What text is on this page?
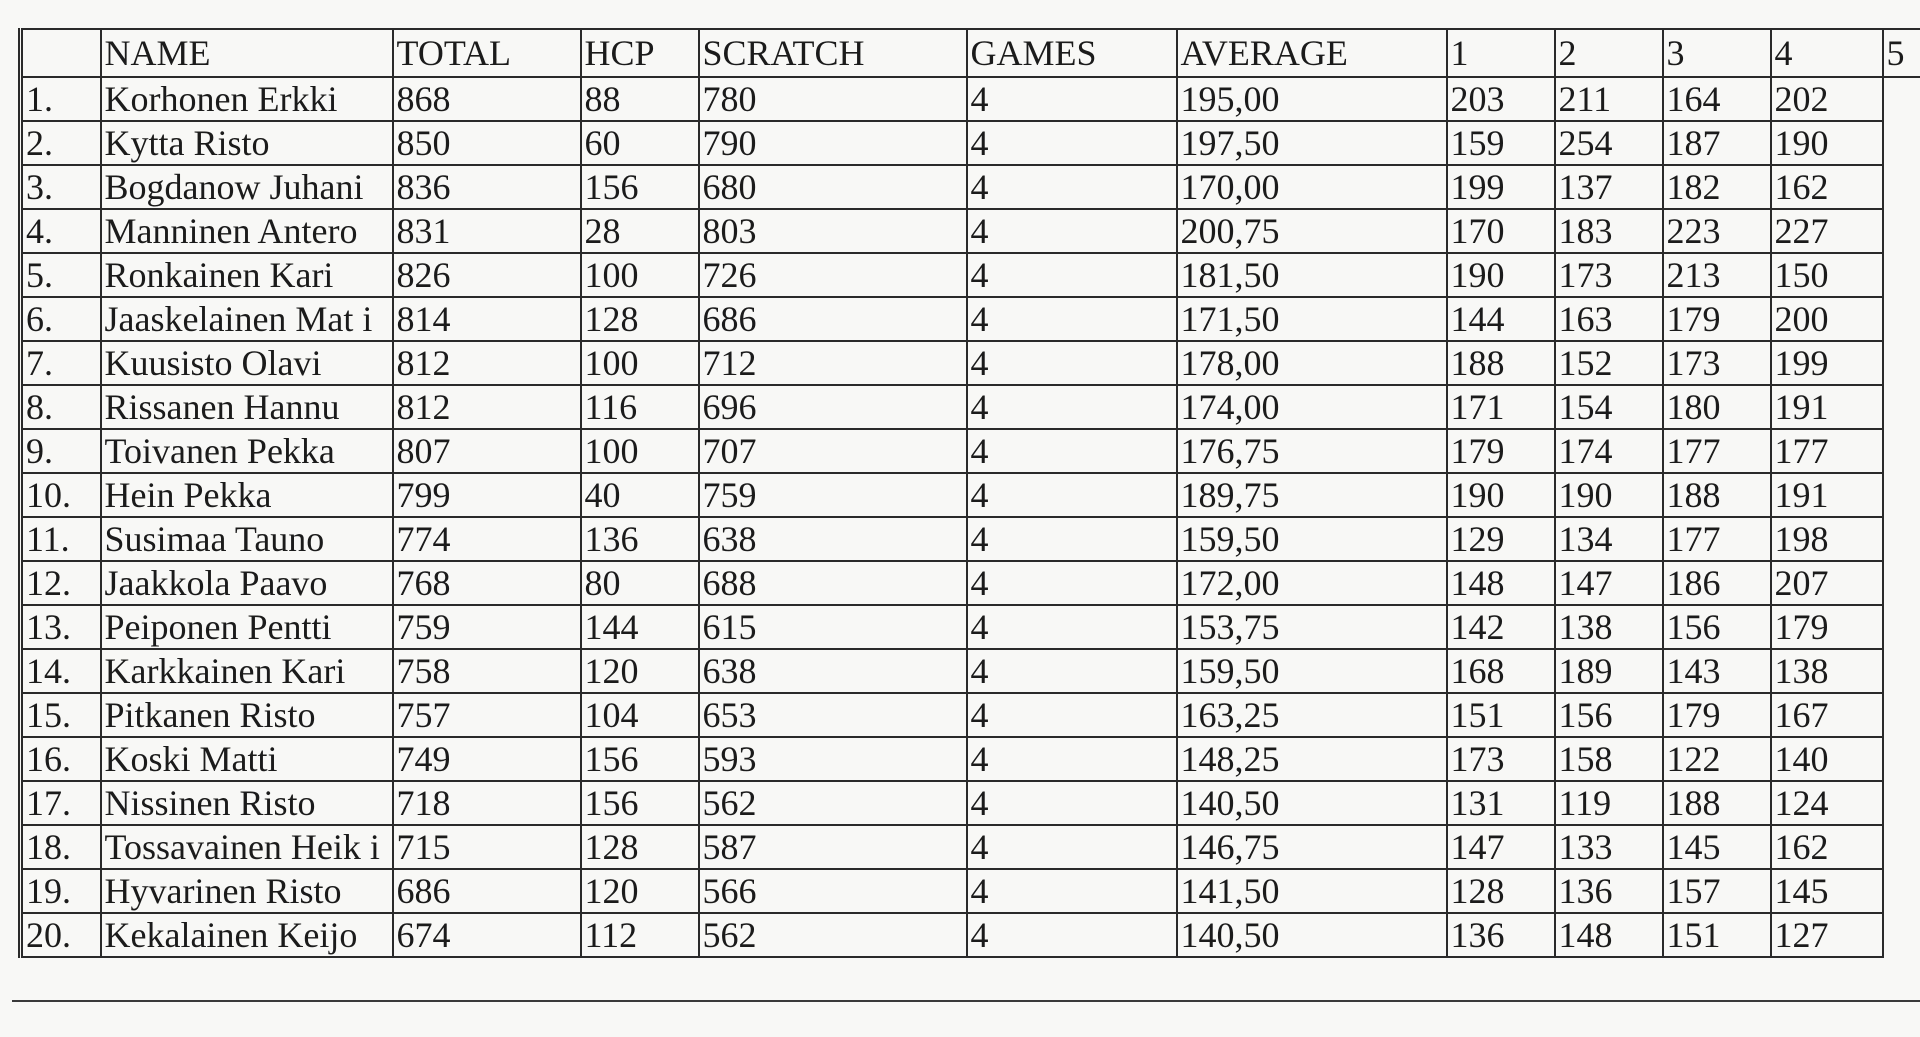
	NAME	TOTAL	HCP	SCRATCH	GAMES	AVERAGE	1	2	3	4	5
1.	Korhonen Erkki	868	88	780	4	195,00	203	211	164	202	
2.	Kytta Risto	850	60	790	4	197,50	159	254	187	190	
3.	Bogdanow Juhani	836	156	680	4	170,00	199	137	182	162	
4.	Manninen Antero	831	28	803	4	200,75	170	183	223	227	
5.	Ronkainen Kari	826	100	726	4	181,50	190	173	213	150	
6.	Jaaskelainen Mat i	814	128	686	4	171,50	144	163	179	200	
7.	Kuusisto Olavi	812	100	712	4	178,00	188	152	173	199	
8.	Rissanen Hannu	812	116	696	4	174,00	171	154	180	191	
9.	Toivanen Pekka	807	100	707	4	176,75	179	174	177	177	
10.	Hein Pekka	799	40	759	4	189,75	190	190	188	191	
11.	Susimaa Tauno	774	136	638	4	159,50	129	134	177	198	
12.	Jaakkola Paavo	768	80	688	4	172,00	148	147	186	207	
13.	Peiponen Pentti	759	144	615	4	153,75	142	138	156	179	
14.	Karkkainen Kari	758	120	638	4	159,50	168	189	143	138	
15.	Pitkanen Risto	757	104	653	4	163,25	151	156	179	167	
16.	Koski Matti	749	156	593	4	148,25	173	158	122	140	
17.	Nissinen Risto	718	156	562	4	140,50	131	119	188	124	
18.	Tossavainen Heik i	715	128	587	4	146,75	147	133	145	162	
19.	Hyvarinen Risto	686	120	566	4	141,50	128	136	157	145	
20.	Kekalainen Keijo	674	112	562	4	140,50	136	148	151	127	
